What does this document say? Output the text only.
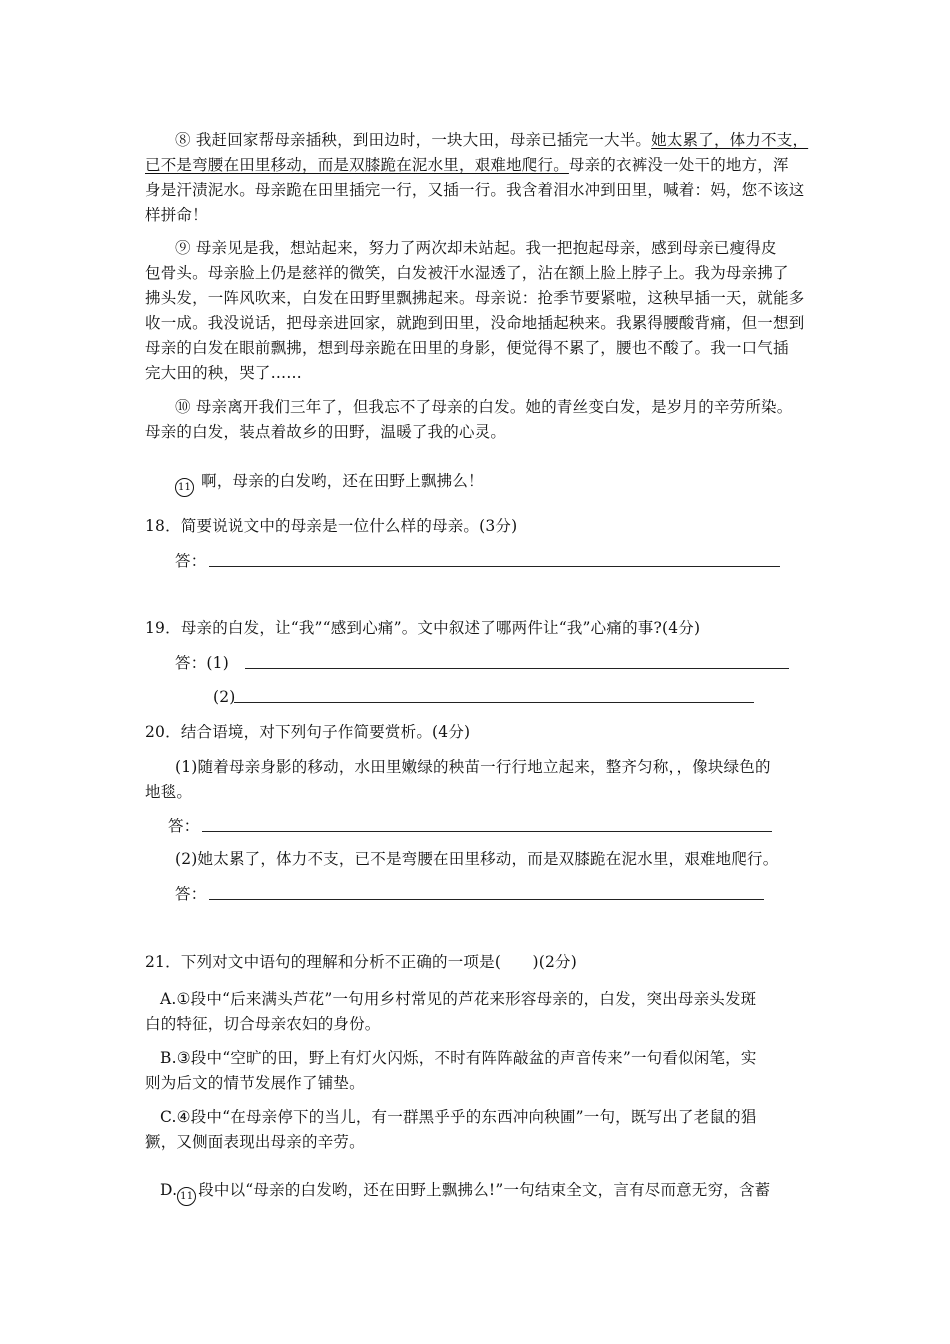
⑧ 我赶回家帮母亲插秧，到田边时，一块大田，母亲已插完一大半。她太累了，体力不支，
已不是弯腰在田里移动，而是双膝跪在泥水里，艰难地爬行。母亲的衣裤没一处干的地方，浑
身是汗渍泥水。母亲跪在田里插完一行，又插一行。我含着泪水冲到田里，喊着：妈，您不该这
样拼命！
⑨ 母亲见是我，想站起来，努力了两次却未站起。我一把抱起母亲，感到母亲已瘦得皮
包骨头。母亲脸上仍是慈祥的微笑，白发被汗水湿透了，沾在额上脸上脖子上。我为母亲拂了
拂头发，一阵风吹来，白发在田野里飘拂起来。母亲说：抢季节要紧啦，这秧早插一天，就能多
收一成。我没说话，把母亲进回家，就跑到田里，没命地插起秧来。我累得腰酸背痛，但一想到
母亲的白发在眼前飘拂，想到母亲跪在田里的身影，便觉得不累了，腰也不酸了。我一口气插
完大田的秧，哭了……
⑩ 母亲离开我们三年了，但我忘不了母亲的白发。她的青丝变白发，是岁月的辛劳所染。
母亲的白发，装点着故乡的田野，温暖了我的心灵。
11 啊，母亲的白发哟，还在田野上飘拂么！
18．简要说说文中的母亲是一位什么样的母亲。(3分)
答：
19．母亲的白发，让“我”“感到心痛”。文中叙述了哪两件让“我”心痛的事?(4分)
答：(1)
(2)
20．结合语境，对下列句子作简要赏析。(4分)
(1)随着母亲身影的移动，水田里嫩绿的秧苗一行行地立起来，整齐匀称，，像块绿色的
地毯。
答：
(2)她太累了，体力不支，已不是弯腰在田里移动，而是双膝跪在泥水里，艰难地爬行。
答：
21．下列对文中语句的理解和分析不正确的一项是(　　)(2分)
A.①段中“后来满头芦花”一句用乡村常见的芦花来形容母亲的，白发，突出母亲头发斑
白的特征，切合母亲农妇的身份。
B.③段中“空旷的田，野上有灯火闪烁，不时有阵阵敲盆的声音传来”一句看似闲笔，实
则为后文的情节发展作了铺垫。
C.④段中“在母亲停下的当儿，有一群黑乎乎的东西冲向秧圃”一句，既写出了老鼠的猖
獗，又侧面表现出母亲的辛劳。
D. 11 段中以“母亲的白发哟，还在田野上飘拂么!”一句结束全文，言有尽而意无穷，含蓄
